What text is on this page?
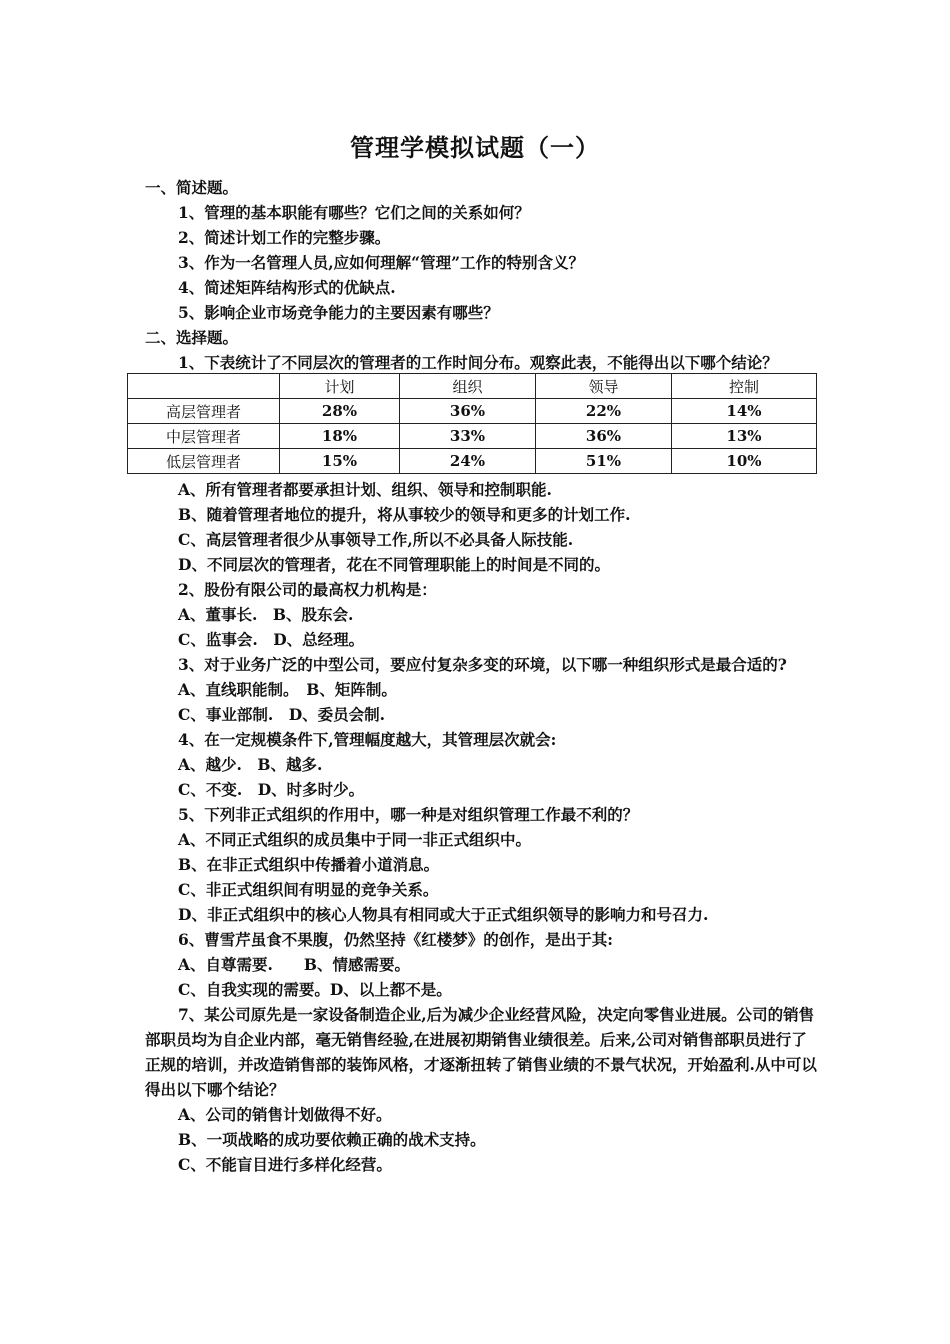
管理学模拟试题（一）
一、简述题。
1、管理的基本职能有哪些？它们之间的关系如何？
2、简述计划工作的完整步骤。
3、作为一名管理人员,应如何理解“管理”工作的特别含义？
4、简述矩阵结构形式的优缺点.
5、影响企业市场竞争能力的主要因素有哪些？
二、选择题。
1、下表统计了不同层次的管理者的工作时间分布。观察此表，不能得出以下哪个结论？
	计划	组织	领导	控制
高层管理者	28%	36%	22%	14%
中层管理者	18%	33%	36%	13%
低层管理者	15%	24%	51%	10%
A、所有管理者都要承担计划、组织、领导和控制职能.
B、随着管理者地位的提升，将从事较少的领导和更多的计划工作.
C、高层管理者很少从事领导工作,所以不必具备人际技能.
D、不同层次的管理者，花在不同管理职能上的时间是不同的。
2、股份有限公司的最高权力机构是：
A、董事长.　B、股东会.
C、监事会.　D、总经理。
3、对于业务广泛的中型公司，要应付复杂多变的环境，以下哪一种组织形式是最合适的?
A、直线职能制。　B、矩阵制。
C、事业部制.　D、委员会制.
4、在一定规模条件下,管理幅度越大，其管理层次就会:
A、越少.　B、越多.
C、不变.　D、时多时少。
5、下列非正式组织的作用中，哪一种是对组织管理工作最不利的？
A、不同正式组织的成员集中于同一非正式组织中。
B、在非正式组织中传播着小道消息。
C、非正式组织间有明显的竞争关系。
D、非正式组织中的核心人物具有相同或大于正式组织领导的影响力和号召力.
6、曹雪芹虽食不果腹，仍然坚持《红楼梦》的创作，是出于其:
A、自尊需要.　　B、情感需要。
C、自我实现的需要。D、以上都不是。
7、某公司原先是一家设备制造企业,后为减少企业经营风险，决定向零售业进展。公司的销售部职员均为自企业内部，毫无销售经验,在进展初期销售业绩很差。后来,公司对销售部职员进行了正规的培训，并改造销售部的装饰风格，才逐渐扭转了销售业绩的不景气状况，开始盈利.从中可以得出以下哪个结论？
A、公司的销售计划做得不好。
B、一项战略的成功要依赖正确的战术支持。
C、不能盲目进行多样化经营。
